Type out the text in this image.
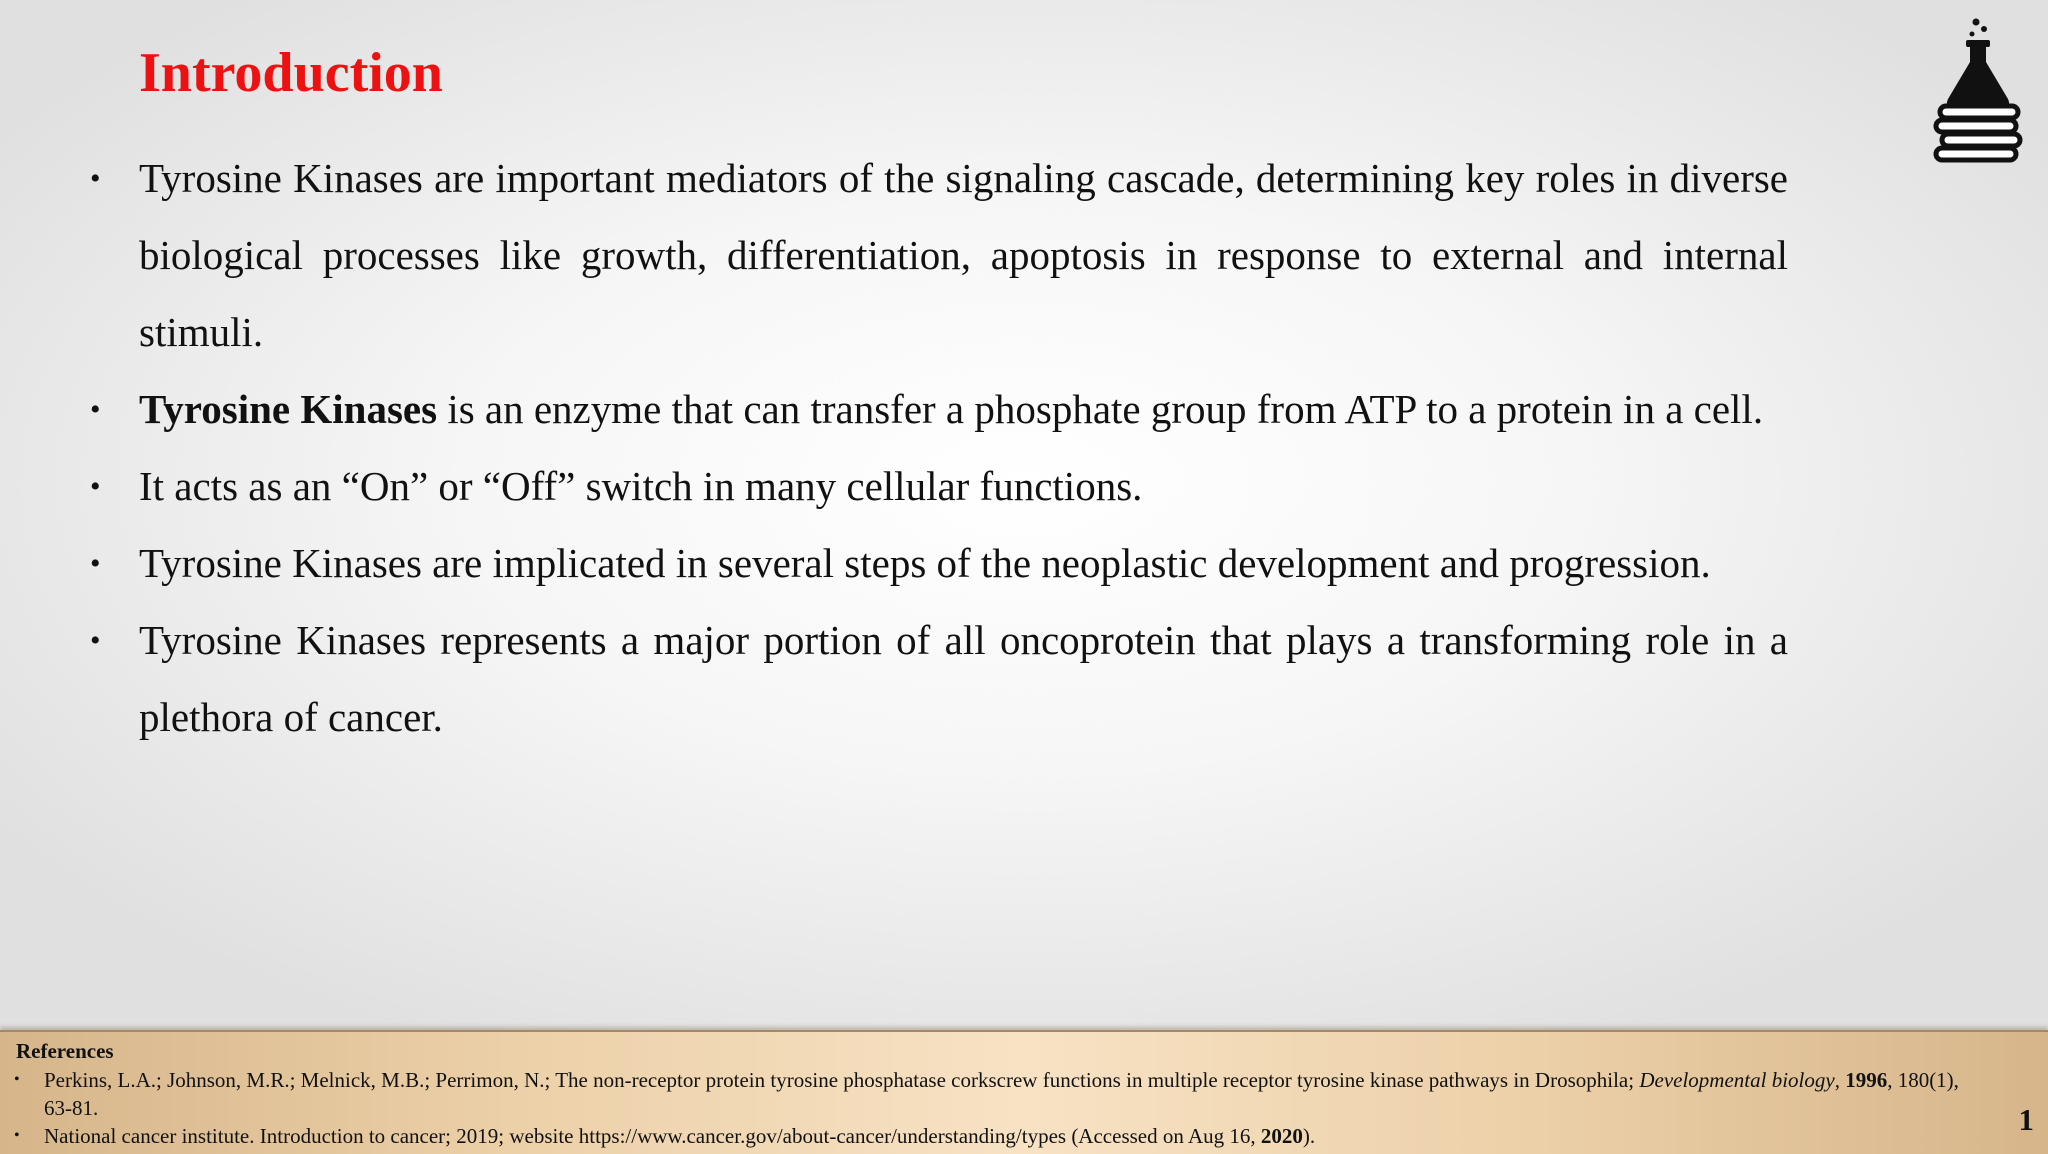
Introduction
• Tyrosine Kinases are important mediators of the signaling cascade, determining key roles in diverse biological processes like growth, differentiation, apoptosis in response to external and internal stimuli.
• Tyrosine Kinases is an enzyme that can transfer a phosphate group from ATP to a protein in a cell.
• It acts as an “On” or “Off” switch in many cellular functions.
• Tyrosine Kinases are implicated in several steps of the neoplastic development and progression.
• Tyrosine Kinases represents a major portion of all oncoprotein that plays a transforming role in a plethora of cancer.
References
• Perkins, L.A.; Johnson, M.R.; Melnick, M.B.; Perrimon, N.; The non-receptor protein tyrosine phosphatase corkscrew functions in multiple receptor tyrosine kinase pathways in Drosophila; Developmental biology, 1996, 180(1), 63-81.
• National cancer institute. Introduction to cancer; 2019; website https://www.cancer.gov/about-cancer/understanding/types (Accessed on Aug 16, 2020).	1
